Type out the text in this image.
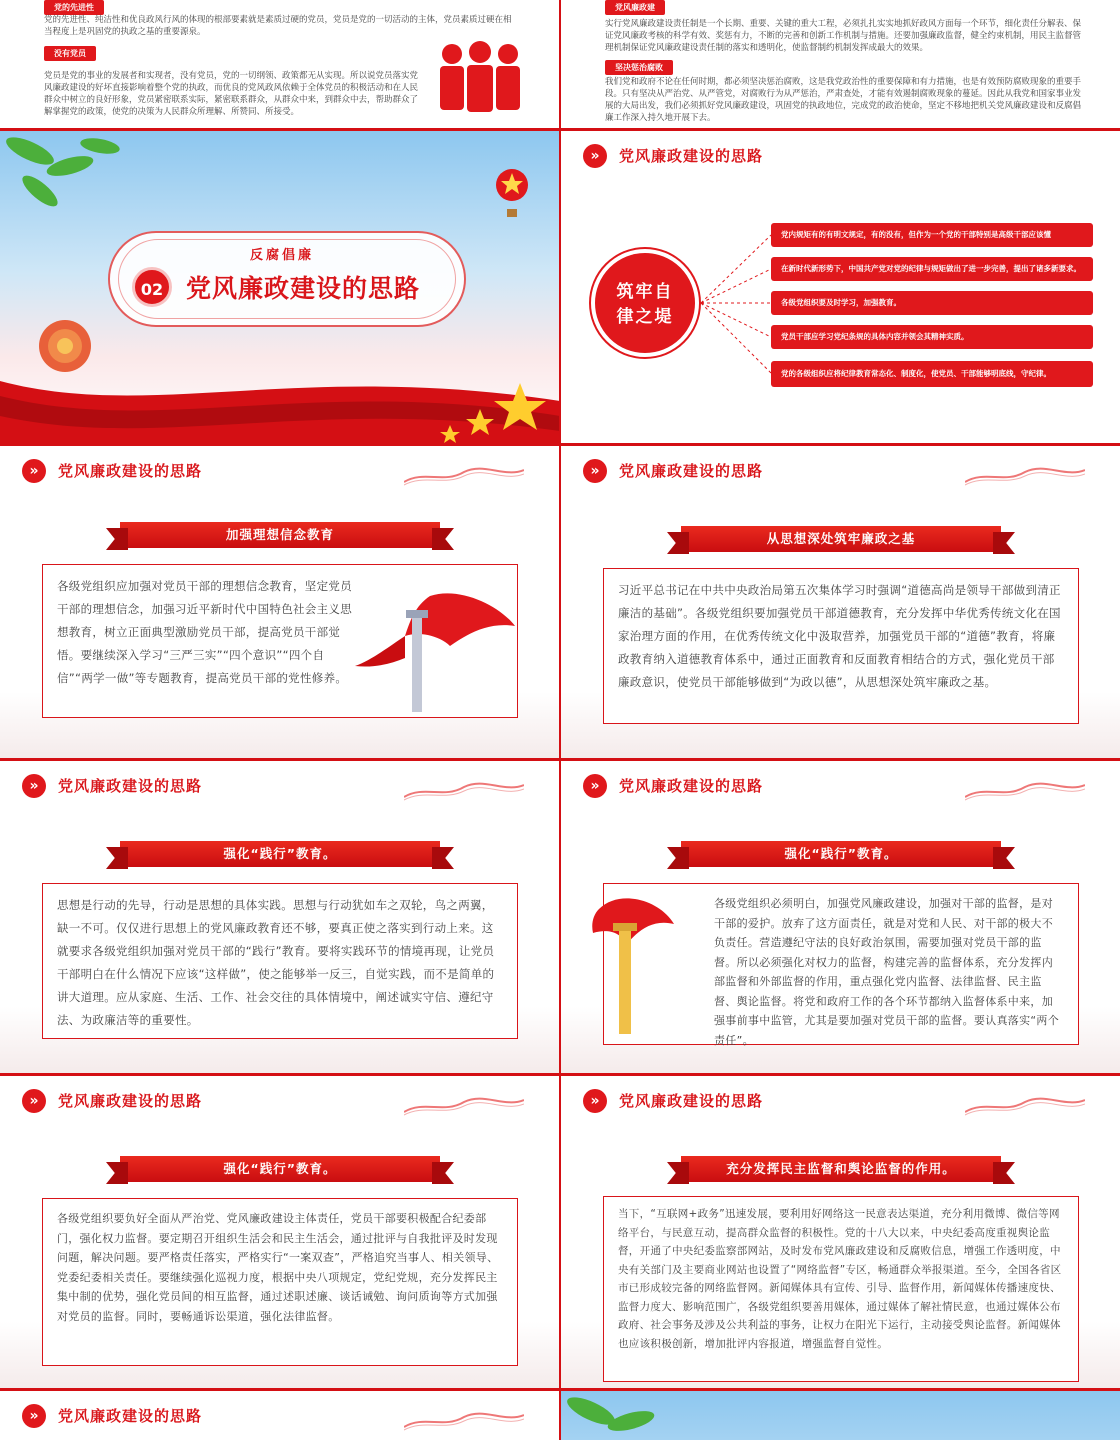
党的先进性
党的先进性、纯洁性和优良政风行风的体现的根部要素就是素质过硬的党员，党员是党的一切活动的主体，党员素质过硬在相当程度上是巩固党的执政之基的重要源泉。
没有党员
党员是党的事业的发展者和实现者，没有党员，党的一切纲领、政策都无从实现。所以说党员落实党风廉政建设的好坏直接影响着整个党的执政，而优良的党风政风依赖于全体党员的积极活动和在人民群众中树立的良好形象，党员紧密联系实际，紧密联系群众，从群众中来，到群众中去，帮助群众了解掌握党的政策，使党的决策为人民群众所理解、所赞同、所接受。
党风廉政建
实行党风廉政建设责任制是一个长期、重要、关键的重大工程，必须扎扎实实地抓好政风方面每一个环节，细化责任分解表、保证党风廉政考核的科学有效、奖惩有力，不断的完善和创新工作机制与措施。还要加强廉政监督，健全约束机制，用民主监督管理机制保证党风廉政建设责任制的落实和透明化，使监督制约机制发挥成最大的效果。
坚决惩治腐败
我们党和政府不论在任何时期，都必须坚决惩治腐败，这是我党政治性的重要保障和有力措施，也是有效预防腐败现象的重要手段。只有坚决从严治党、从严管党，对腐败行为从严惩治，严肃查处，才能有效遏制腐败现象的蔓延。因此从我党和国家事业发展的大局出发，我们必须抓好党风廉政建设，巩固党的执政地位，完成党的政治使命，坚定不移地把机关党风廉政建设和反腐倡廉工作深入持久地开展下去。
反腐倡廉
02 党风廉政建设的思路
»	党风廉政建设的思路
筑牢自
律之堤
党内规矩有的有明文规定，有的没有，但作为一个党的干部特别是高级干部应该懂
在新时代新形势下，中国共产党对党的纪律与规矩做出了进一步完善，提出了诸多新要求。
各级党组织要及时学习，加强教育。
党员干部应学习党纪条规的具体内容并领会其精神实质。
党的各级组织应将纪律教育常态化、制度化，使党员、干部能够明底线，守纪律。
»	党风廉政建设的思路
加强理想信念教育
各级党组织应加强对党员干部的理想信念教育，坚定党员干部的理想信念，加强习近平新时代中国特色社会主义思想教育，树立正面典型激励党员干部，提高党员干部觉悟。要继续深入学习“三严三实”“四个意识”“四个自信”“两学一做”等专题教育，提高党员干部的党性修养。
»	党风廉政建设的思路
从思想深处筑牢廉政之基
习近平总书记在中共中央政治局第五次集体学习时强调“道德高尚是领导干部做到清正廉洁的基础”。各级党组织要加强党员干部道德教育，充分发挥中华优秀传统文化在国家治理方面的作用，在优秀传统文化中汲取营养，加强党员干部的“道德”教育，将廉政教育纳入道德教育体系中，通过正面教育和反面教育相结合的方式，强化党员干部廉政意识，使党员干部能够做到“为政以德”，从思想深处筑牢廉政之基。
»	党风廉政建设的思路
强化“践行”教育。
思想是行动的先导，行动是思想的具体实践。思想与行动犹如车之双轮，鸟之两翼，缺一不可。仅仅进行思想上的党风廉政教育还不够，要真正使之落实到行动上来。这就要求各级党组织加强对党员干部的“践行”教育。要将实践环节的情境再现，让党员干部明白在什么情况下应该“这样做”，使之能够举一反三，自觉实践，而不是简单的讲大道理。应从家庭、生活、工作、社会交往的具体情境中，阐述诚实守信、遵纪守法、为政廉洁等的重要性。
»	党风廉政建设的思路
强化“践行”教育。
各级党组织必须明白，加强党风廉政建设，加强对干部的监督，是对干部的爱护。放弃了这方面责任，就是对党和人民、对干部的极大不负责任。营造遵纪守法的良好政治氛围，需要加强对党员干部的监督。所以必须强化对权力的监督，构建完善的监督体系，充分发挥内部监督和外部监督的作用，重点强化党内监督、法律监督、民主监督、舆论监督。将党和政府工作的各个环节都纳入监督体系中来，加强事前事中监管，尤其是要加强对党员干部的监督。要认真落实“两个责任”。
»	党风廉政建设的思路
强化“践行”教育。
各级党组织要负好全面从严治党、党风廉政建设主体责任，党员干部要积极配合纪委部门，强化权力监督。要定期召开组织生活会和民主生活会，通过批评与自我批评及时发现问题，解决问题。要严格责任落实，严格实行“一案双查”，严格追究当事人、相关领导、党委纪委相关责任。要继续强化巡视力度，根据中央八项规定，党纪党规，充分发挥民主集中制的优势，强化党员间的相互监督，通过述职述廉、谈话诫勉、询问质询等方式加强对党员的监督。同时，要畅通诉讼渠道，强化法律监督。
»	党风廉政建设的思路
充分发挥民主监督和舆论监督的作用。
当下，“互联网+政务”迅速发展，要利用好网络这一民意表达渠道，充分利用微博、微信等网络平台，与民意互动，提高群众监督的积极性。党的十八大以来，中央纪委高度重视舆论监督，开通了中央纪委监察部网站，及时发布党风廉政建设和反腐败信息，增强工作透明度，中央有关部门及主要商业网站也设置了“网络监督”专区，畅通群众举报渠道。至今，全国各省区市已形成较完备的网络监督网。新闻媒体具有宣传、引导、监督作用，新闻媒体传播速度快、监督力度大、影响范围广，各级党组织要善用媒体，通过媒体了解社情民意，也通过媒体公布政府、社会事务及涉及公共利益的事务，让权力在阳光下运行，主动接受舆论监督。新闻媒体也应该积极创新，增加批评内容报道，增强监督自觉性。
»	党风廉政建设的思路
